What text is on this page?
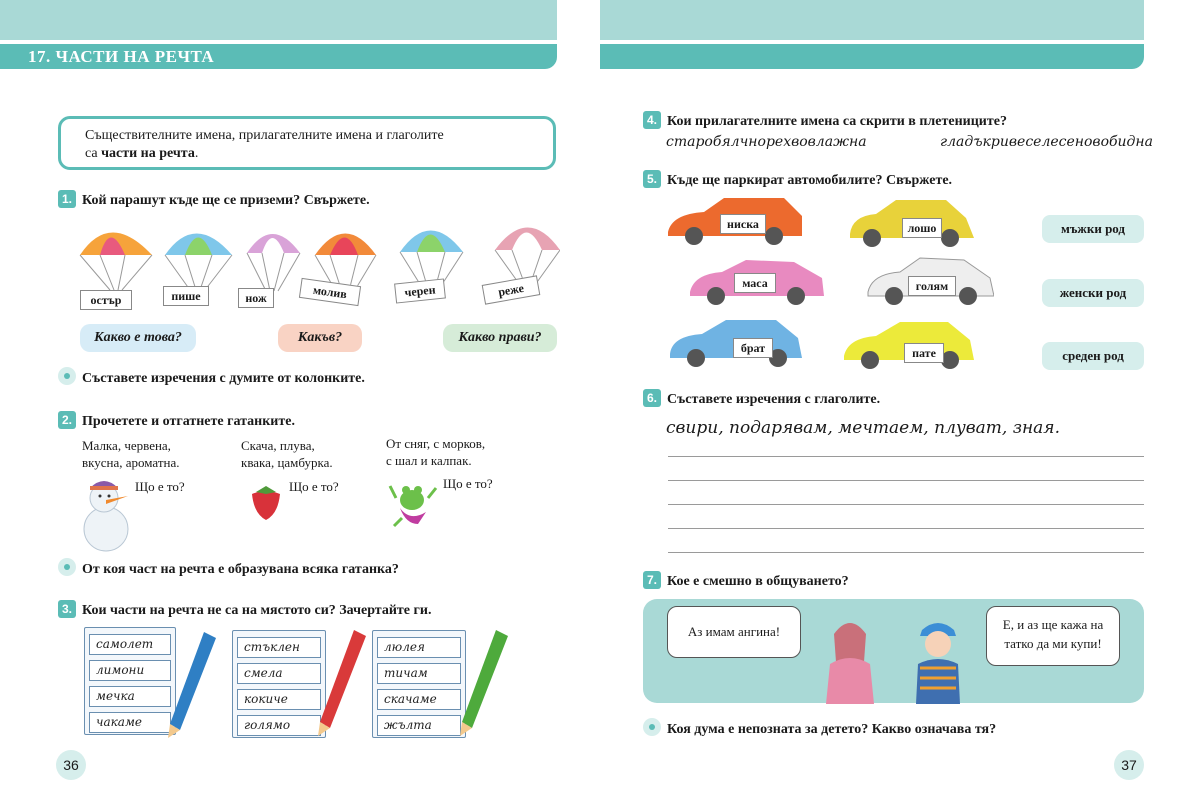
17. ЧАСТИ НА РЕЧТА
Съществителните имена, прилагателните имена и глаголите
са части на речта.
1. Кой парашут къде ще се приземи? Свържете.
остър	пише	нож	молив	черен	реже
Какво е това?	Какъв?	Какво прави?
Съставете изречения с думите от колонките.
2. Прочетете и отгатнете гатанките.
Малка, червена,
вкусна, ароматна.
Скача, плува,
квака, цамбурка.
От сняг, с морков,
с шал и калпак.
Що е то?	Що е то?	Що е то?
От коя част на речта е образувана всяка гатанка?
3. Кои части на речта не са на мястото си? Зачертайте ги.
самолет
лимони
мечка
чакаме
стъклен
смела
кокиче
голямо
люлея
тичам
скачаме
жълта
36
4. Кои прилагателните имена са скрити в плетениците?
старобялчнорехвовлажна	гладъкривеселесеновобидна
5. Къде ще паркират автомобилите? Свържете.
ниска	лошо
маса	голям
брат	пате
мъжки род
женски род
среден род
6. Съставете изречения с глаголите.
свири, подарявам, мечтаем, плуват, зная.
7. Кое е смешно в общуването?
Аз имам ангина!	Е, и аз ще кажа на
татко да ми купи!
Коя дума е непозната за детето? Какво означава тя?
37
